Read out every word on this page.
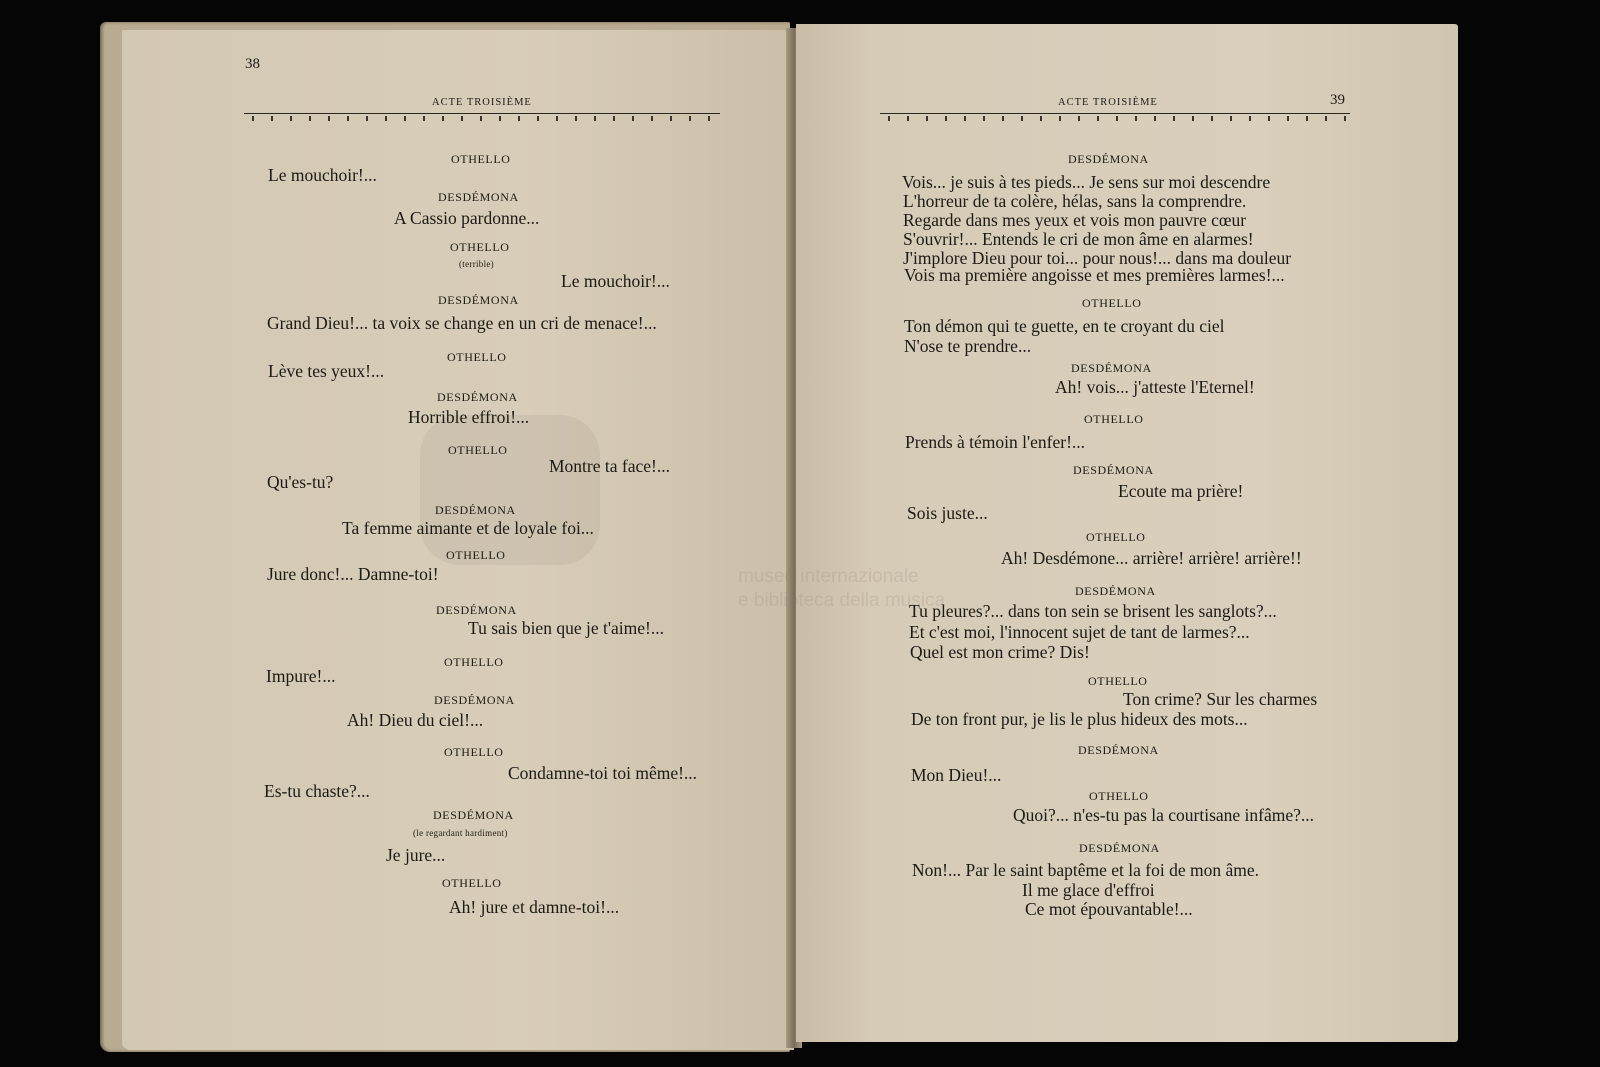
museo internazionale
e biblioteca della musica
38
ACTE TROISIÈME	39
ACTE TROISIÈME
OTHELLO
Le mouchoir!...
DESDÉMONA
A Cassio pardonne...
OTHELLO
(terrible)
Le mouchoir!...
DESDÉMONA
Grand Dieu!... ta voix se change en un cri de menace!...
OTHELLO
Lève tes yeux!...
DESDÉMONA
Horrible effroi!...
OTHELLO
Montre ta face!...
Qu'es-tu?
DESDÉMONA
Ta femme aimante et de loyale foi...
OTHELLO
Jure donc!... Damne-toi!
DESDÉMONA
Tu sais bien que je t'aime!...
OTHELLO
Impure!...
DESDÉMONA
Ah! Dieu du ciel!...
OTHELLO
Condamne-toi toi même!...
Es-tu chaste?...
DESDÉMONA
(le regardant hardiment)
Je jure...
OTHELLO
Ah! jure et damne-toi!...
DESDÉMONA
Vois... je suis à tes pieds... Je sens sur moi descendre
L'horreur de ta colère, hélas, sans la comprendre.
Regarde dans mes yeux et vois mon pauvre cœur
S'ouvrir!... Entends le cri de mon âme en alarmes!
J'implore Dieu pour toi... pour nous!... dans ma douleur
Vois ma première angoisse et mes premières larmes!...
OTHELLO
Ton démon qui te guette, en te croyant du ciel
N'ose te prendre...
DESDÉMONA
Ah! vois... j'atteste l'Eternel!
OTHELLO
Prends à témoin l'enfer!...
DESDÉMONA
Ecoute ma prière!
Sois juste...
OTHELLO
Ah! Desdémone... arrière! arrière! arrière!!
DESDÉMONA
Tu pleures?... dans ton sein se brisent les sanglots?...
Et c'est moi, l'innocent sujet de tant de larmes?...
Quel est mon crime? Dis!
OTHELLO
Ton crime? Sur les charmes
De ton front pur, je lis le plus hideux des mots...
DESDÉMONA
Mon Dieu!...
OTHELLO
Quoi?... n'es-tu pas la courtisane infâme?...
DESDÉMONA
Non!... Par le saint baptême et la foi de mon âme.
Il me glace d'effroi
Ce mot épouvantable!...
